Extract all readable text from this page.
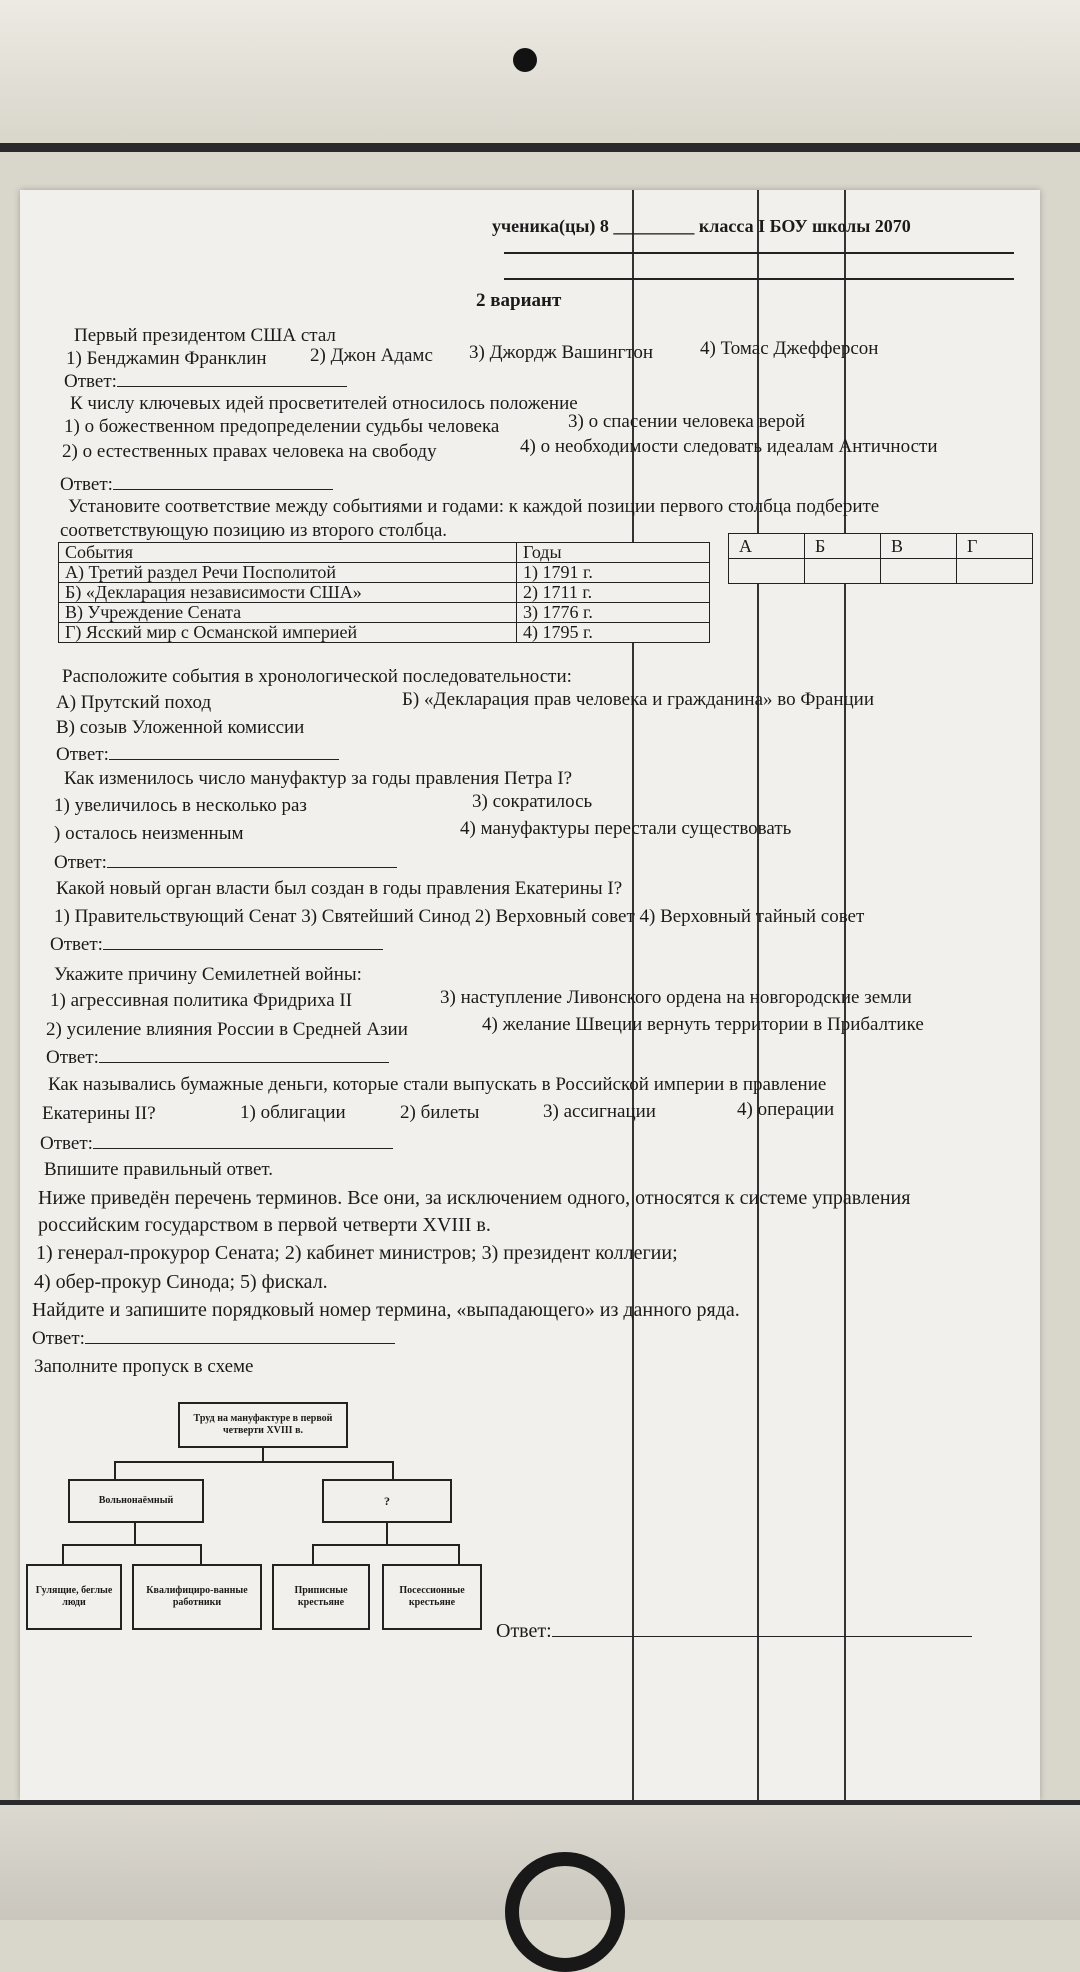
ученика(цы) 8 _________ класса I БОУ школы 2070
2 вариант
Первый президентом США стал
1) Бенджамин Франклин 2) Джон Адамс 3) Джордж Вашингтон 4) Томас Джефферсон
Ответ:
К числу ключевых идей просветителей относилось положение
1) о божественном предопределении судьбы человека	3) о спасении человека верой
2) о естественных правах человека на свободу	4) о необходимости следовать идеалам Античности
Ответ:
Установите соответствие между событиями и годами: к каждой позиции первого столбца подберите
соответствующую позицию из второго столбца.
События	Годы
А) Третий раздел Речи Посполитой	1) 1791 г.
Б) «Декларация независимости США»	2) 1711 г.
В) Учреждение Сената	3) 1776 г.
Г) Ясский мир с Османской империей	4) 1795 г.
А	Б	В	Г

Расположите события в хронологической последовательности:
А) Прутский поход	Б) «Декларация прав человека и гражданина» во Франции
В) созыв Уложенной комиссии
Ответ:
Как изменилось число мануфактур за годы правления Петра I?
1) увеличилось в несколько раз	3) сократилось
) осталось неизменным	4) мануфактуры перестали существовать
Ответ:
Какой новый орган власти был создан в годы правления Екатерины I?
1) Правительствующий Сенат 3) Святейший Синод 2) Верховный совет 4) Верховный тайный совет
Ответ:
Укажите причину Семилетней войны:
1) агрессивная политика Фридриха II	3) наступление Ливонского ордена на новгородские земли
2) усиление влияния России в Средней Азии	4) желание Швеции вернуть территории в Прибалтике
Ответ:
Как назывались бумажные деньги, которые стали выпускать в Российской империи в правление
Екатерины II?	1) облигации	2) билеты	3) ассигнации	4) операции
Ответ:
Впишите правильный ответ.
Ниже приведён перечень терминов. Все они, за исключением одного, относятся к системе управления
российским государством в первой четверти XVIII в.
1) генерал-прокурор Сената; 2) кабинет министров; 3) президент коллегии;
4) обер-прокур Синода; 5) фискал.
Найдите и запишите порядковый номер термина, «выпадающего» из данного ряда.
Ответ:
Заполните пропуск в схеме
Труд на мануфактуре в первой четверти XVIII в.
Вольнонаёмный	?
Гулящие, беглые люди
Квалифициро-ванные работники
Приписные крестьяне
Посессионные крестьяне
Ответ:
